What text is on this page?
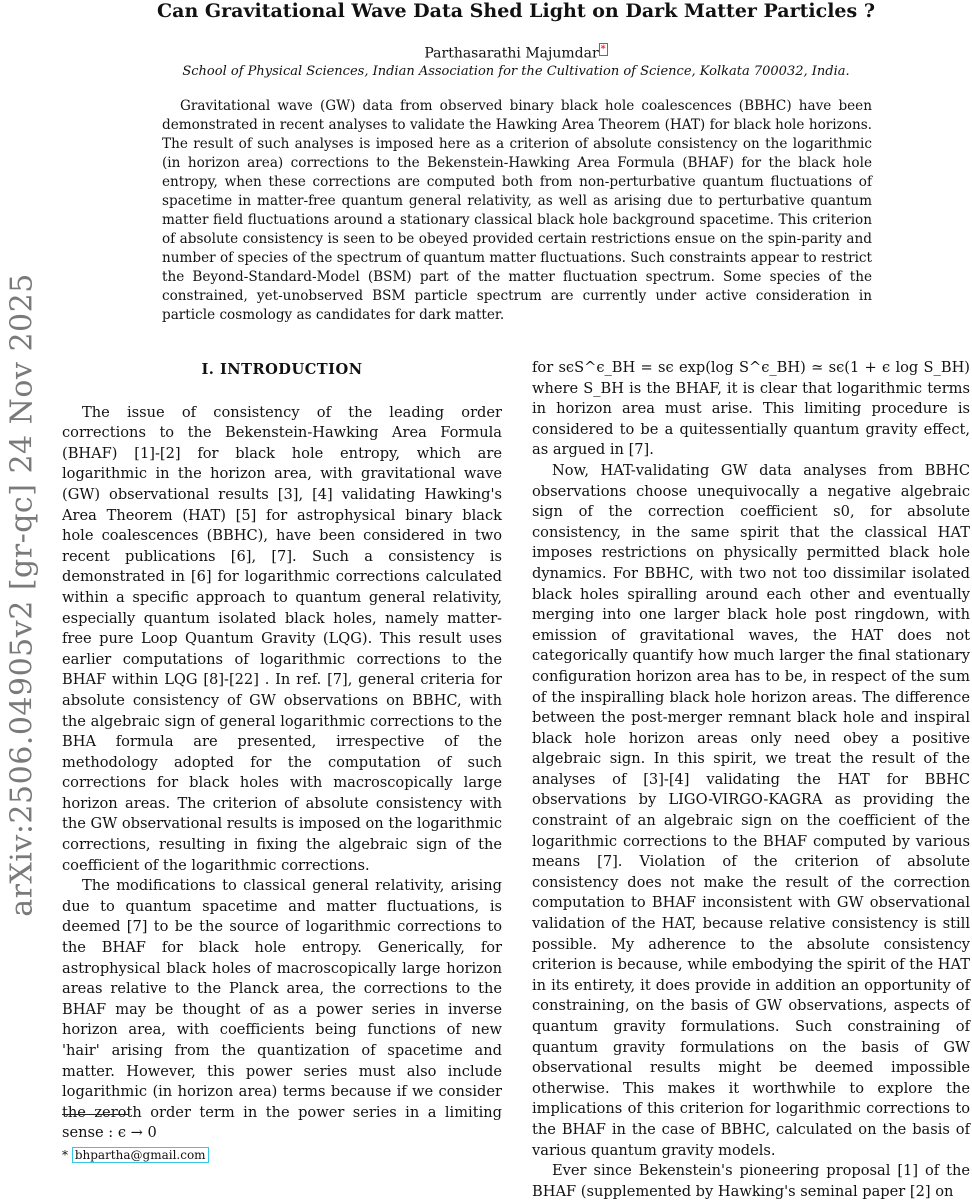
arXiv:2506.04905v2 [gr-qc] 24 Nov 2025
Can Gravitational Wave Data Shed Light on Dark Matter Particles ?
Parthasarathi Majumdar *
School of Physical Sciences, Indian Association for the Cultivation of Science, Kolkata 700032, India.

Gravitational wave (GW) data from observed binary black hole coalescences (BBHC) have been demonstrated in recent analyses to validate the Hawking Area Theorem (HAT) for black hole horizons. The result of such analyses is imposed here as a criterion of absolute consistency on the logarithmic (in horizon area) corrections to the Bekenstein-Hawking Area Formula (BHAF) for the black hole entropy, when these corrections are computed both from non-perturbative quantum fluctuations of spacetime in matter-free quantum general relativity, as well as arising due to perturbative quantum matter field fluctuations around a stationary classical black hole background spacetime. This criterion of absolute consistency is seen to be obeyed provided certain restrictions ensue on the spin-parity and number of species of the spectrum of quantum matter fluctuations. Such constraints appear to restrict the Beyond-Standard-Model (BSM) part of the matter fluctuation spectrum. Some species of the constrained, yet-unobserved BSM particle spectrum are currently under active consideration in particle cosmology as candidates for dark matter.

I. INTRODUCTION

The issue of consistency of the leading order corrections to the Bekenstein-Hawking Area Formula (BHAF) [1]-[2] for black hole entropy, which are logarithmic in the horizon area, with gravitational wave (GW) observational results [3], [4] validating Hawking's Area Theorem (HAT) [5] for astrophysical binary black hole coalescences (BBHC), have been considered in two recent publications [6], [7]. Such a consistency is demonstrated in [6] for logarithmic corrections calculated within a specific approach to quantum general relativity, especially quantum isolated black holes, namely matter-free pure Loop Quantum Gravity (LQG). This result uses earlier computations of logarithmic corrections to the BHAF within LQG [8]-[22] . In ref. [7], general criteria for absolute consistency of GW observations on BBHC, with the algebraic sign of general logarithmic corrections to the BHA formula are presented, irrespective of the methodology adopted for the computation of such corrections for black holes with macroscopically large horizon areas. The criterion of absolute consistency with the GW observational results is imposed on the logarithmic corrections, resulting in fixing the algebraic sign of the coefficient of the logarithmic corrections.

The modifications to classical general relativity, arising due to quantum spacetime and matter fluctuations, is deemed [7] to be the source of logarithmic corrections to the BHAF for black hole entropy. Generically, for astrophysical black holes of macroscopically large horizon areas relative to the Planck area, the corrections to the BHAF may be thought of as a power series in inverse horizon area, with coefficients being functions of new 'hair' arising from the quantization of spacetime and matter. However, this power series must also include logarithmic (in horizon area) terms because if we consider the zeroth order term in the power series in a limiting sense : ϵ → 0

for sϵS^ϵ_BH = sϵ exp(log S^ϵ_BH) ≃ sϵ(1 + ϵ log S_BH) where S_BH is the BHAF, it is clear that logarithmic terms in horizon area must arise. This limiting procedure is considered to be a quitessentially quantum gravity effect, as argued in [7].

Now, HAT-validating GW data analyses from BBHC observations choose unequivocally a negative algebraic sign of the correction coefficient s0, for absolute consistency, in the same spirit that the classical HAT imposes restrictions on physically permitted black hole dynamics. For BBHC, with two not too dissimilar isolated black holes spiralling around each other and eventually merging into one larger black hole post ringdown, with emission of gravitational waves, the HAT does not categorically quantify how much larger the final stationary configuration horizon area has to be, in respect of the sum of the inspiralling black hole horizon areas. The difference between the post-merger remnant black hole and inspiral black hole horizon areas only need obey a positive algebraic sign. In this spirit, we treat the result of the analyses of [3]-[4] validating the HAT for BBHC observations by LIGO-VIRGO-KAGRA as providing the constraint of an algebraic sign on the coefficient of the logarithmic corrections to the BHAF computed by various means [7]. Violation of the criterion of absolute consistency does not make the result of the correction computation to BHAF inconsistent with GW observational validation of the HAT, because relative consistency is still possible. My adherence to the absolute consistency criterion is because, while embodying the spirit of the HAT in its entirety, it does provide in addition an opportunity of constraining, on the basis of GW observations, aspects of quantum gravity formulations. Such constraining of quantum gravity formulations on the basis of GW observational results might be deemed impossible otherwise. This makes it worthwhile to explore the implications of this criterion for logarithmic corrections to the BHAF in the case of BBHC, calculated on the basis of various quantum gravity models.

Ever since Bekenstein's pioneering proposal [1] of the BHAF (supplemented by Hawking's seminal paper [2] on

* bhpartha@gmail.com
